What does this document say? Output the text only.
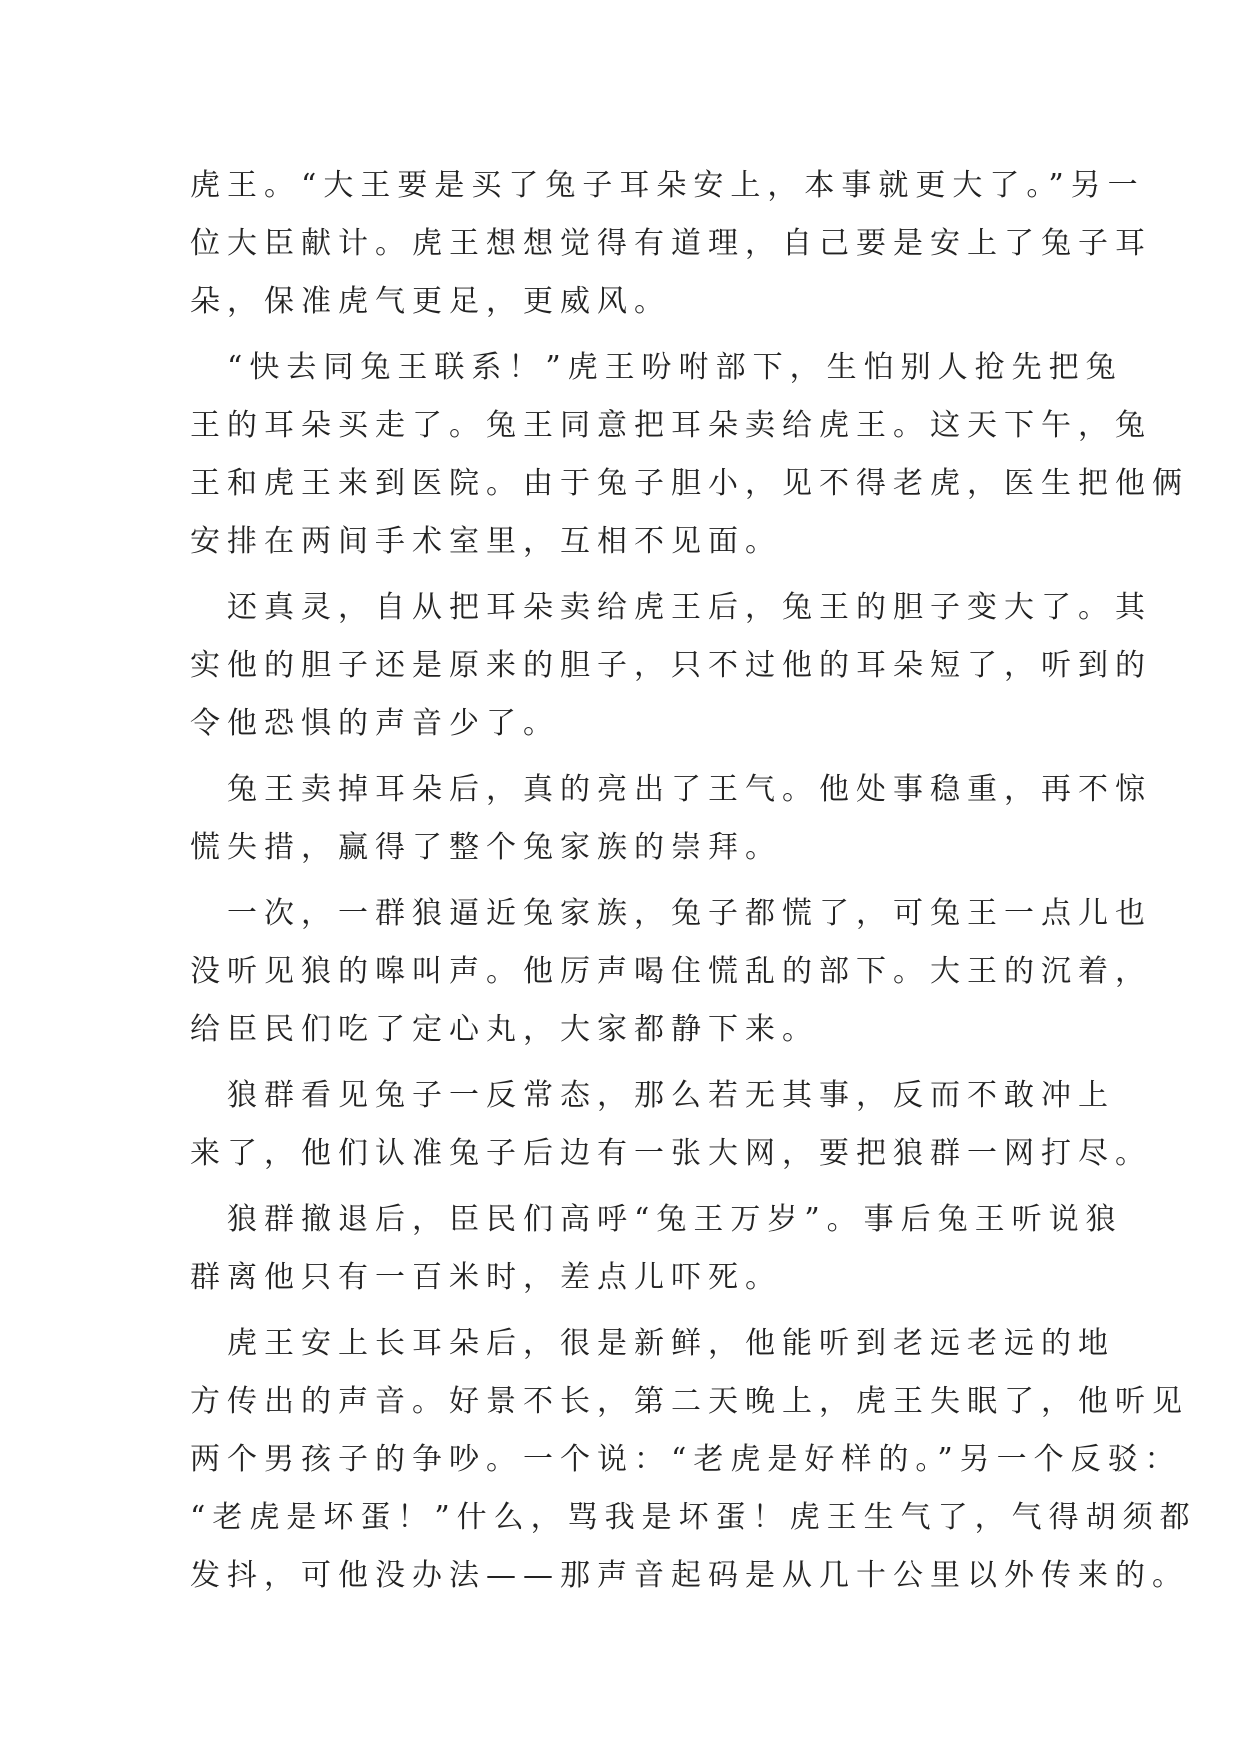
虎王。“大王要是买了兔子耳朵安上，本事就更大了。”另一
位大臣献计。虎王想想觉得有道理，自己要是安上了兔子耳
朵，保准虎气更足，更威风。
　“快去同兔王联系！”虎王吩咐部下，生怕别人抢先把兔
王的耳朵买走了。兔王同意把耳朵卖给虎王。这天下午，兔
王和虎王来到医院。由于兔子胆小，见不得老虎，医生把他俩
安排在两间手术室里，互相不见面。
　还真灵，自从把耳朵卖给虎王后，兔王的胆子变大了。其
实他的胆子还是原来的胆子，只不过他的耳朵短了，听到的
令他恐惧的声音少了。
　兔王卖掉耳朵后，真的亮出了王气。他处事稳重，再不惊
慌失措，赢得了整个兔家族的崇拜。
　一次，一群狼逼近兔家族，兔子都慌了，可兔王一点儿也
没听见狼的嗥叫声。他厉声喝住慌乱的部下。大王的沉着，
给臣民们吃了定心丸，大家都静下来。
　狼群看见兔子一反常态，那么若无其事，反而不敢冲上
来了，他们认准兔子后边有一张大网，要把狼群一网打尽。
　狼群撤退后，臣民们高呼“兔王万岁”。事后兔王听说狼
群离他只有一百米时，差点儿吓死。
　虎王安上长耳朵后，很是新鲜，他能听到老远老远的地
方传出的声音。好景不长，第二天晚上，虎王失眠了，他听见
两个男孩子的争吵。一个说：“老虎是好样的。”另一个反驳：
“老虎是坏蛋！”什么，骂我是坏蛋！虎王生气了，气得胡须都
发抖，可他没办法——那声音起码是从几十公里以外传来的。
